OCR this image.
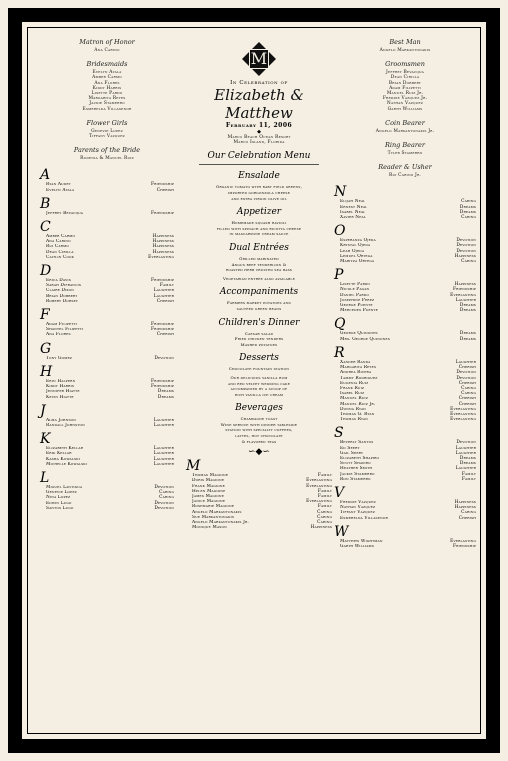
Matron of Honor
Ana Carino
Bridesmaids
Evelyn Ayala
Amber Carmo
Ana Flores
Kiddy Harris
Lisette Pardo
Margarita Reyes
Jackie Stamerro
Esmerelda Villasenor
Flower Girls
Genevie Lopez
Tiffany Vazquez
Parents of the Bride
Rudenia & Manuel Ruiz
A
Ryan Audet	Friendship
Evelyn Ayala	Cherish
B
Jeffrey Bevacqua	Friendship
C
Amber Carmo	Happiness
Ana Carino	Happiness
Rui Carmo	Happiness
Dean Cirilla	Happiness
Caitlin Cook	Everlasting
D
Erica Davis	Friendship
Sarah Difrancis	Family
Claire Dixon	Laughter
Brian Dobbert	Laughter
Robert Dorsey	Cherish
F
Adam Filipetti	Friendship
Shantel Filipetti	Friendship
Ana Flores	Cherish
G
Tony Gomez	Devotion
H
Erin Halpern	Friendship
Kiddy Harris	Friendship
Jennifer Hiatte	Dreams
Kevin Hiatte	Dreams
J
Alma Johnson	Laughter
Randall Johnston	Laughter
K
Elizabeth Kellar	Laughter
Erik Kellar	Laughter
Kasha Kowalski	Laughter
Michelle Kowalski	Laughter
L
Miguel Lantigua	Devotion
Genevie Lopez	Caring
Nina Lopez	Caring
Edwin Lugo	Devotion
Santos Lugo	Devotion
M
In Celebration of
Elizabeth & Matthew
February 11, 2006
◆
Marco Beach Ocean Resort
Marco Island, Florida
Our Celebration Menu
Ensalade
Organic tomato with baby field greens,
imported gorgonzola cheese
and extra virgin olive oil
Appetizer
Homemade squash ravioli
filled with spinach and ricotta cheese
in mascarpone cream sauce
Dual Entrées
Grilled marinated
Angus beef tenderloin &
roasted herb crusted sea bass
Vegetarian entrée also available
Accompaniments
Farmers market potatoes and
sautéed green beans
Children's Dinner
Caesar salad
Fried chicken tenders
Mashed potatoes
Desserts
Chocolate fountain station
Our delicious vanilla rum
and red velvet wedding cake
accompanied by a scoop of
rich vanilla ice cream
Beverages
Champagne toast
Wine service with dinner tableside
station with specialty coffees,
lattes, hot chocolate
& flavored teas
∽◆∽
M
Thomas Magione	Family
Doris Magione	Everlasting
Frank Magione	Everlasting
Helen Magione	Family
James Magione	Family
Janice Magione	Everlasting
Rosemarie Magione	Family
Angelo Markantonakis	Caring
Sue Markantonakis	Caring
Angelo Markantonakis Jr.	Caring
Monique Mason	Happiness
Best Man
Angelo Markantonakis
Groomsmen
Jeffrey Bevacqua
Dean Cirilla
Brian Dobbert
Adam Filipetti
Manuel Ruiz Jr.
Freddie Vazquez Jr.
Nathan Vazquez
Garth Williams
Coin Bearer
Angelo Markantonakis Jr.
Ring Bearer
Tyler Stamerro
Reader & Usher
Rui Carino Jr.
N
Elijah Neal	Caring
Ernest Neal	Dreams
Isabel Neal	Dreams
Xavier Neal	Caring
O
Esperanza Ojeda	Devotion
Krystal Ojeda	Devotion
Leah Ojeda	Devotion
Lemuel Ortega	Happiness
Maritza Ortega	Caring
P
Lisette Pardo	Happiness
Nicole Pagan	Friendship
Daniel Pardo	Everlasting
Josephine Perez	Laughter
George Puente	Dreams
Mercedes Puente	Dreams
Q
George Quinones	Dreams
Mrs. George Quinones	Dreams
R
Xander Randa	Laughter
Margarita Reyes	Cherish
Andrea Rivera	Devotion
Tammy Rodriguez	Devotion
Eugenia Ruiz	Cherish
Frank Ruiz	Caring
Isabel Ruiz	Caring
Manuel Ruiz	Cherish
Manuel Ruiz Jr.	Cherish
Donna Ryan	Everlasting
Thomas G. Ryan	Everlasting
Thomas Ryan	Everlasting
S
Beverly Santos	Devotion
Ed Seery	Laughter
Gail Seery	Laughter
Elizabeth Shapiro	Dreams
Scott Shapiro	Dreams
Heather Smith	Laughter
Jackie Stamerro	Family
Ron Stamerro	Family
V
Freddie Vazquez	Happiness
Nathan Vazquez	Happiness
Tiffany Vazquez	Caring
Esmerelda Villasenor	Cherish
W
Matthew Wightman	Everlasting
Garth Williams	Friendship
